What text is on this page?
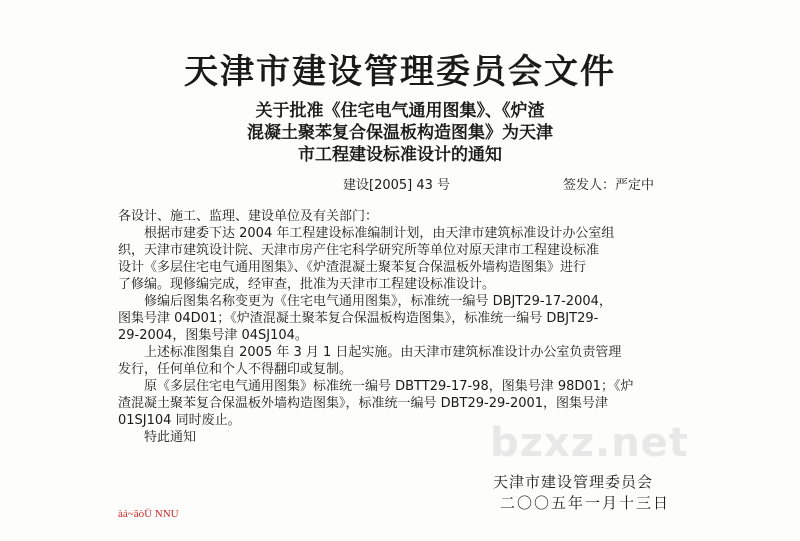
bzxz.net
天津市建设管理委员会文件
关于批准《住宅电气通用图集》、《炉渣
混凝土聚苯复合保温板构造图集》为天津
市工程建设标准设计的通知
建设[2005] 43 号	签发人：严定中
各设计、施工、监理、建设单位及有关部门：
　　根据市建委下达 2004 年工程建设标准编制计划，由天津市建筑标准设计办公室组
织，天津市建筑设计院、天津市房产住宅科学研究所等单位对原天津市工程建设标准
设计《多层住宅电气通用图集》、《炉渣混凝土聚苯复合保温板外墙构造图集》进行
了修编。现修编完成，经审查，批准为天津市工程建设标准设计。
　　修编后图集名称变更为《住宅电气通用图集》，标准统一编号 DBJT29-17-2004，
图集号津 04D01；《炉渣混凝土聚苯复合保温板构造图集》，标准统一编号 DBJT29-
29-2004，图集号津 04SJ104。
　　上述标准图集自 2005 年 3 月 1 日起实施。由天津市建筑标准设计办公室负责管理
发行，任何单位和个人不得翻印或复制。
　　原《多层住宅电气通用图集》标准统一编号 DBTT29-17-98，图集号津 98D01；《炉
渣混凝土聚苯复合保温板外墙构造图集》，标准统一编号 DBT29-29-2001，图集号津
01SJ104 同时废止。
　　特此通知
天津市建设管理委员会
二〇〇五年一月十三日
àá~âòÜ NNU
